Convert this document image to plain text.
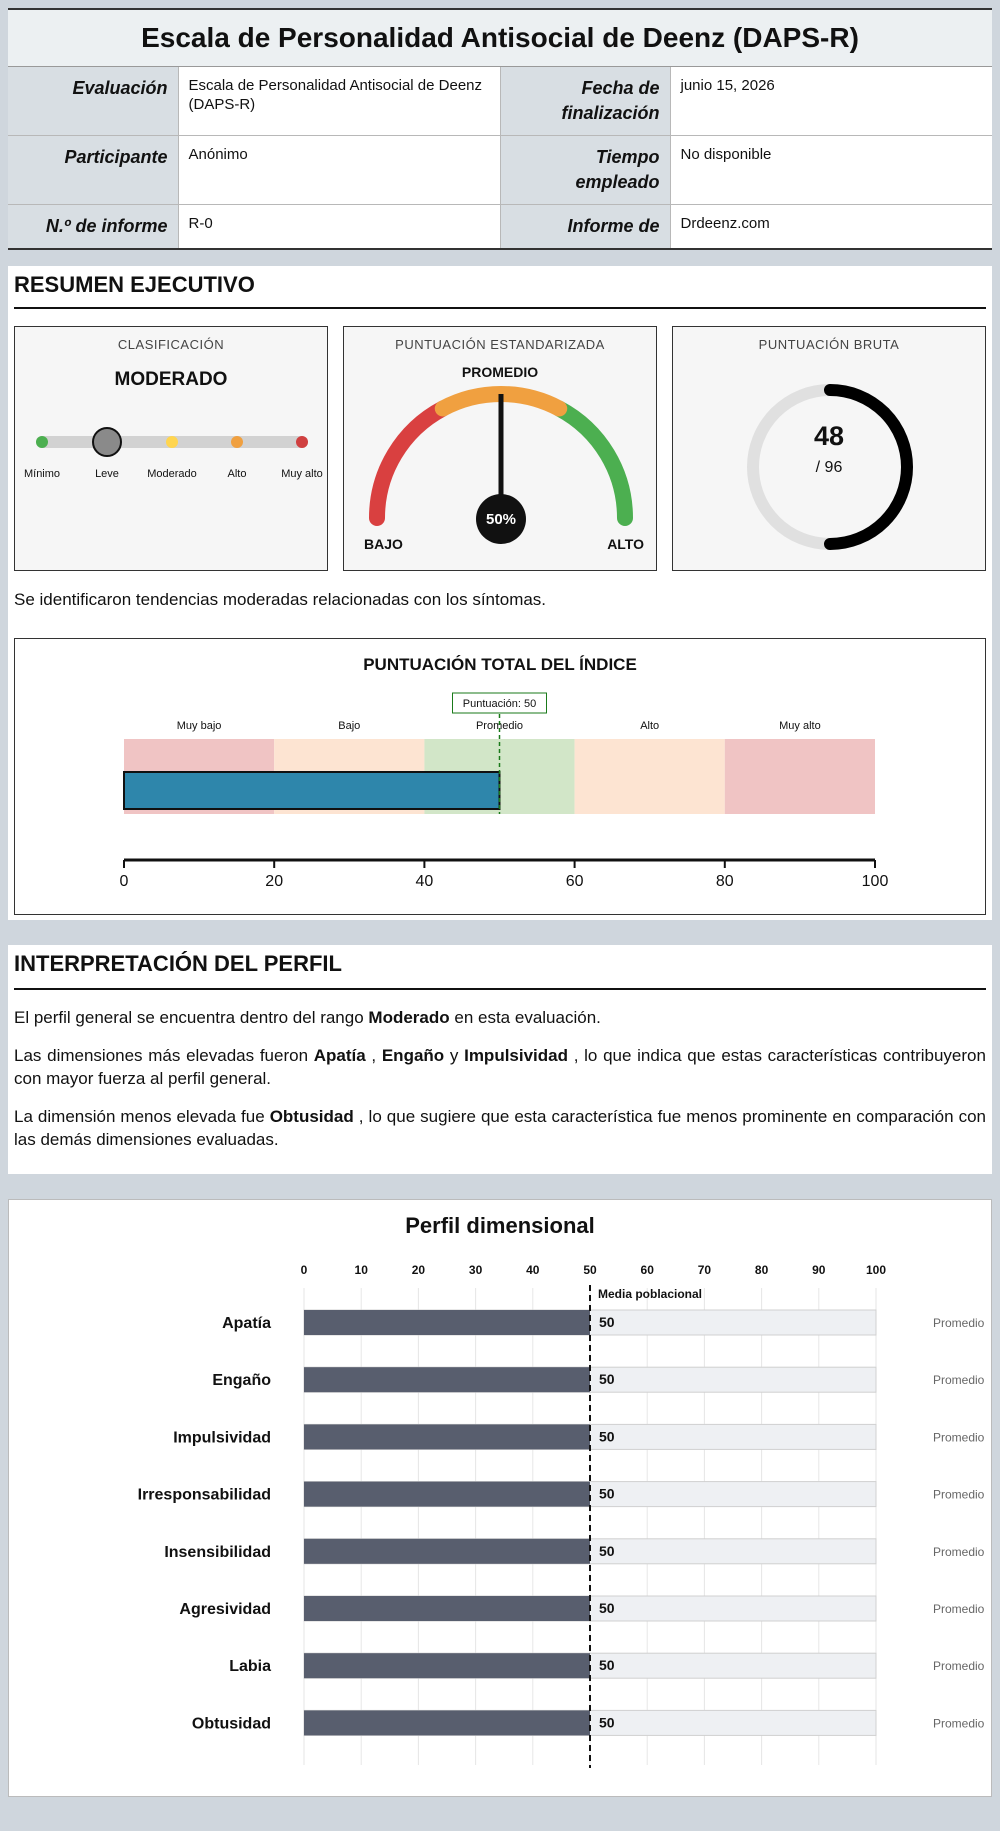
Escala de Personalidad Antisocial de Deenz (DAPS-R)
Evaluación	Escala de Personalidad Antisocial de Deenz (DAPS-R)	Fecha de finalización	junio 15, 2026
Participante	Anónimo	Tiempo empleado	No disponible
N.º de informe	R-0	Informe de	Drdeenz.com
RESUMEN EJECUTIVO
CLASIFICACIÓN
MODERADO
Mínimo	Leve	Moderado	Alto	Muy alto
PUNTUACIÓN ESTANDARIZADA
PROMEDIO
BAJO	ALTO
50%
PUNTUACIÓN BRUTA
48
/ 96
Se identificaron tendencias moderadas relacionadas con los síntomas.
PUNTUACIÓN TOTAL DEL ÍNDICE
Muy bajo	Bajo	Promedio	Alto	Muy alto
Puntuación: 50
0	20	40	60	80	100
INTERPRETACIÓN DEL PERFIL
El perfil general se encuentra dentro del rango Moderado en esta evaluación.
Las dimensiones más elevadas fueron Apatía , Engaño y Impulsividad , lo que indica que estas características contribuyeron con mayor fuerza al perfil general.
La dimensión menos elevada fue Obtusidad , lo que sugiere que esta característica fue menos prominente en comparación con las demás dimensiones evaluadas.
Perfil dimensional
0	10	20	30	40	50	60	70	80	90	100
Apatía	50	Promedio
Engaño	50	Promedio
Impulsividad	50	Promedio
Irresponsabilidad	50	Promedio
Insensibilidad	50	Promedio
Agresividad	50	Promedio
Labia	50	Promedio
Obtusidad	50	Promedio
Media poblacional
